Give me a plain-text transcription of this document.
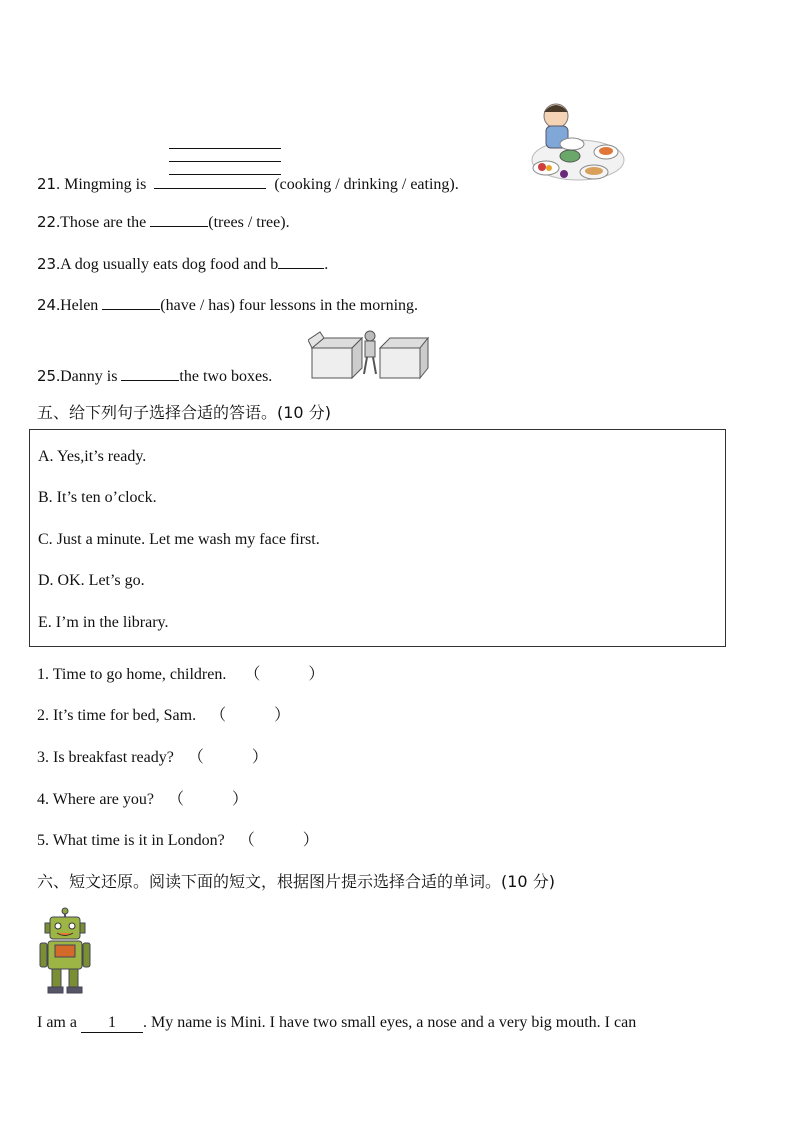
21. Mingming is	(cooking / drinking / eating).
22.Those are the	(trees / tree).
23.A dog usually eats dog food and b	.
24.Helen	(have / has) four lessons in the morning.
25.Danny is	the two boxes.
五、给下列句子选择合适的答语。(10 分)
A. Yes,it’s ready.
B. It’s ten o’clock.
C. Just a minute. Let me wash my face first.
D. OK. Let’s go.
E. I’m in the library.
1. Time to go home, children. （	）
2. It’s time for bed, Sam. （	）
3. Is breakfast ready? （	）
4. Where are you? （	）
5. What time is it in London? （	）
六、短文还原。阅读下面的短文，根据图片提示选择合适的单词。(10 分)
I am a 1 . My name is Mini. I have two small eyes, a nose and a very big mouth. I can
